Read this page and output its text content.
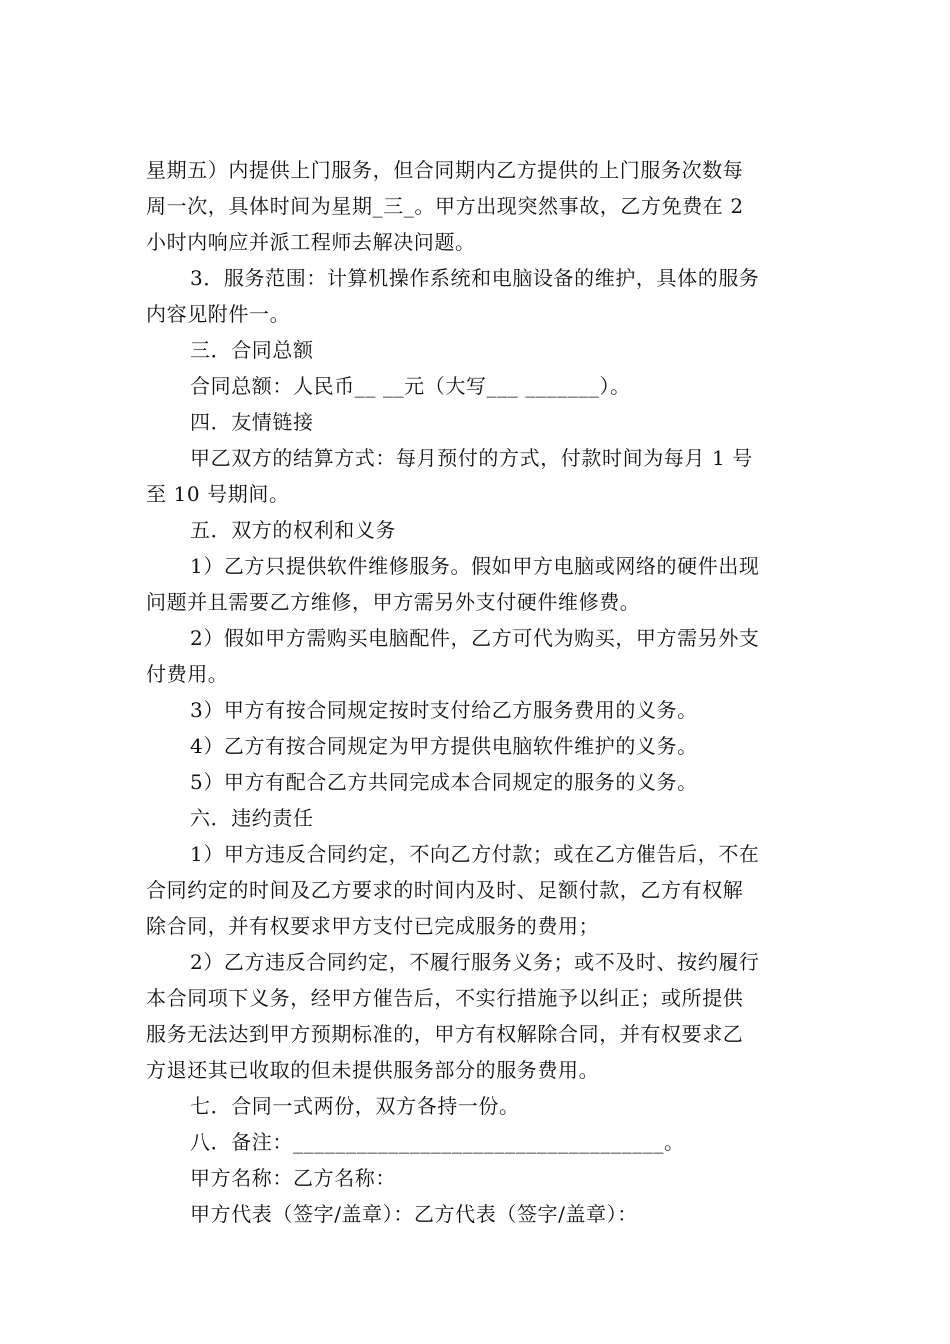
星期五）内提供上门服务，但合同期内乙方提供的上门服务次数每
周一次，具体时间为星期_三_。甲方出现突然事故，乙方免费在 2
小时内响应并派工程师去解决问题。

3．服务范围：计算机操作系统和电脑设备的维护，具体的服务
内容见附件一。

三．合同总额

合同总额：人民币__ __元（大写___ _______）。

四．友情链接

甲乙双方的结算方式：每月预付的方式，付款时间为每月 1 号
至 10 号期间。

五．双方的权利和义务

1）乙方只提供软件维修服务。假如甲方电脑或网络的硬件出现
问题并且需要乙方维修，甲方需另外支付硬件维修费。

2）假如甲方需购买电脑配件，乙方可代为购买，甲方需另外支
付费用。

3）甲方有按合同规定按时支付给乙方服务费用的义务。

4）乙方有按合同规定为甲方提供电脑软件维护的义务。

5）甲方有配合乙方共同完成本合同规定的服务的义务。

六．违约责任

1）甲方违反合同约定，不向乙方付款；或在乙方催告后，不在
合同约定的时间及乙方要求的时间内及时、足额付款，乙方有权解
除合同，并有权要求甲方支付已完成服务的费用；

2）乙方违反合同约定，不履行服务义务；或不及时、按约履行
本合同项下义务，经甲方催告后，不实行措施予以纠正；或所提供
服务无法达到甲方预期标准的，甲方有权解除合同，并有权要求乙
方退还其已收取的但未提供服务部分的服务费用。

七．合同一式两份，双方各持一份。

八．备注：___________________________________。

甲方名称：乙方名称：

甲方代表（签字/盖章）：乙方代表（签字/盖章）：
